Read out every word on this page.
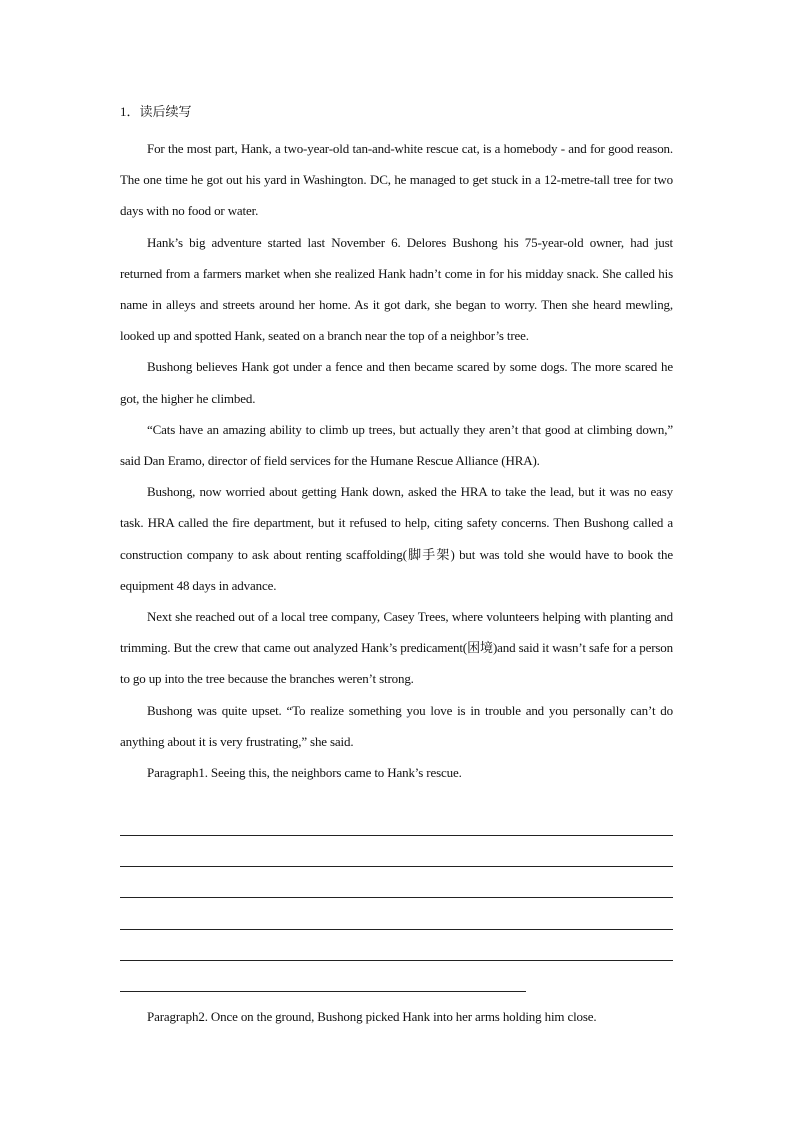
1．读后续写

For the most part, Hank, a two-year-old tan-and-white rescue cat, is a homebody - and for good reason. The one time he got out his yard in Washington. DC, he managed to get stuck in a 12-metre-tall tree for two days with no food or water.

Hank’s big adventure started last November 6. Delores Bushong his 75-year-old owner, had just returned from a farmers market when she realized Hank hadn’t come in for his midday snack. She called his name in alleys and streets around her home. As it got dark, she began to worry. Then she heard mewling, looked up and spotted Hank, seated on a branch near the top of a neighbor’s tree.

Bushong believes Hank got under a fence and then became scared by some dogs. The more scared he got, the higher he climbed.

“Cats have an amazing ability to climb up trees, but actually they aren’t that good at climbing down,” said Dan Eramo, director of field services for the Humane Rescue Alliance (HRA).

Bushong, now worried about getting Hank down, asked the HRA to take the lead, but it was no easy task. HRA called the fire department, but it refused to help, citing safety concerns. Then Bushong called a construction company to ask about renting scaffolding(脚手架) but was told she would have to book the equipment 48 days in advance.

Next she reached out of a local tree company, Casey Trees, where volunteers helping with planting and trimming. But the crew that came out analyzed Hank’s predicament(困境)and said it wasn’t safe for a person to go up into the tree because the branches weren’t strong.

Bushong was quite upset. “To realize something you love is in trouble and you personally can’t do anything about it is very frustrating,” she said.

Paragraph1. Seeing this, the neighbors came to Hank’s rescue.

Paragraph2. Once on the ground, Bushong picked Hank into her arms holding him close.
